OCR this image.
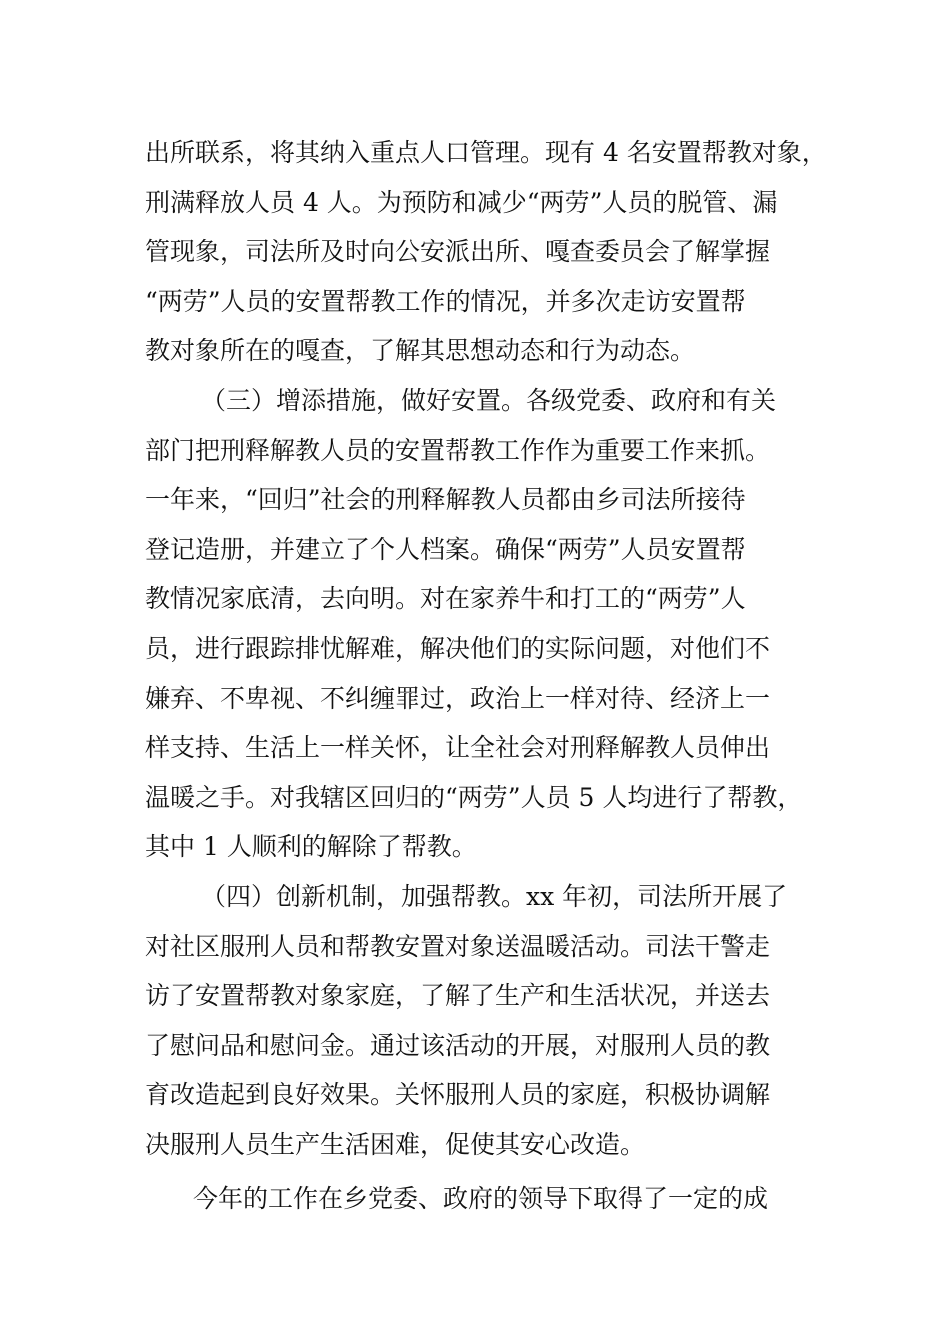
出所联系，将其纳入重点人口管理。现有 4 名安置帮教对象，
刑满释放人员 4 人。为预防和减少“两劳”人员的脱管、漏
管现象，司法所及时向公安派出所、嘎查委员会了解掌握
“两劳”人员的安置帮教工作的情况，并多次走访安置帮
教对象所在的嘎查，了解其思想动态和行为动态。
（三）增添措施，做好安置。各级党委、政府和有关
部门把刑释解教人员的安置帮教工作作为重要工作来抓。
一年来，“回归”社会的刑释解教人员都由乡司法所接待
登记造册，并建立了个人档案。确保“两劳”人员安置帮
教情况家底清，去向明。对在家养牛和打工的“两劳”人
员，进行跟踪排忧解难，解决他们的实际问题，对他们不
嫌弃、不卑视、不纠缠罪过，政治上一样对待、经济上一
样支持、生活上一样关怀，让全社会对刑释解教人员伸出
温暖之手。对我辖区回归的“两劳”人员 5 人均进行了帮教，
其中 1 人顺利的解除了帮教。
（四）创新机制，加强帮教。xx 年初，司法所开展了
对社区服刑人员和帮教安置对象送温暖活动。司法干警走
访了安置帮教对象家庭，了解了生产和生活状况，并送去
了慰问品和慰问金。通过该活动的开展，对服刑人员的教
育改造起到良好效果。关怀服刑人员的家庭，积极协调解
决服刑人员生产生活困难，促使其安心改造。
今年的工作在乡党委、政府的领导下取得了一定的成
